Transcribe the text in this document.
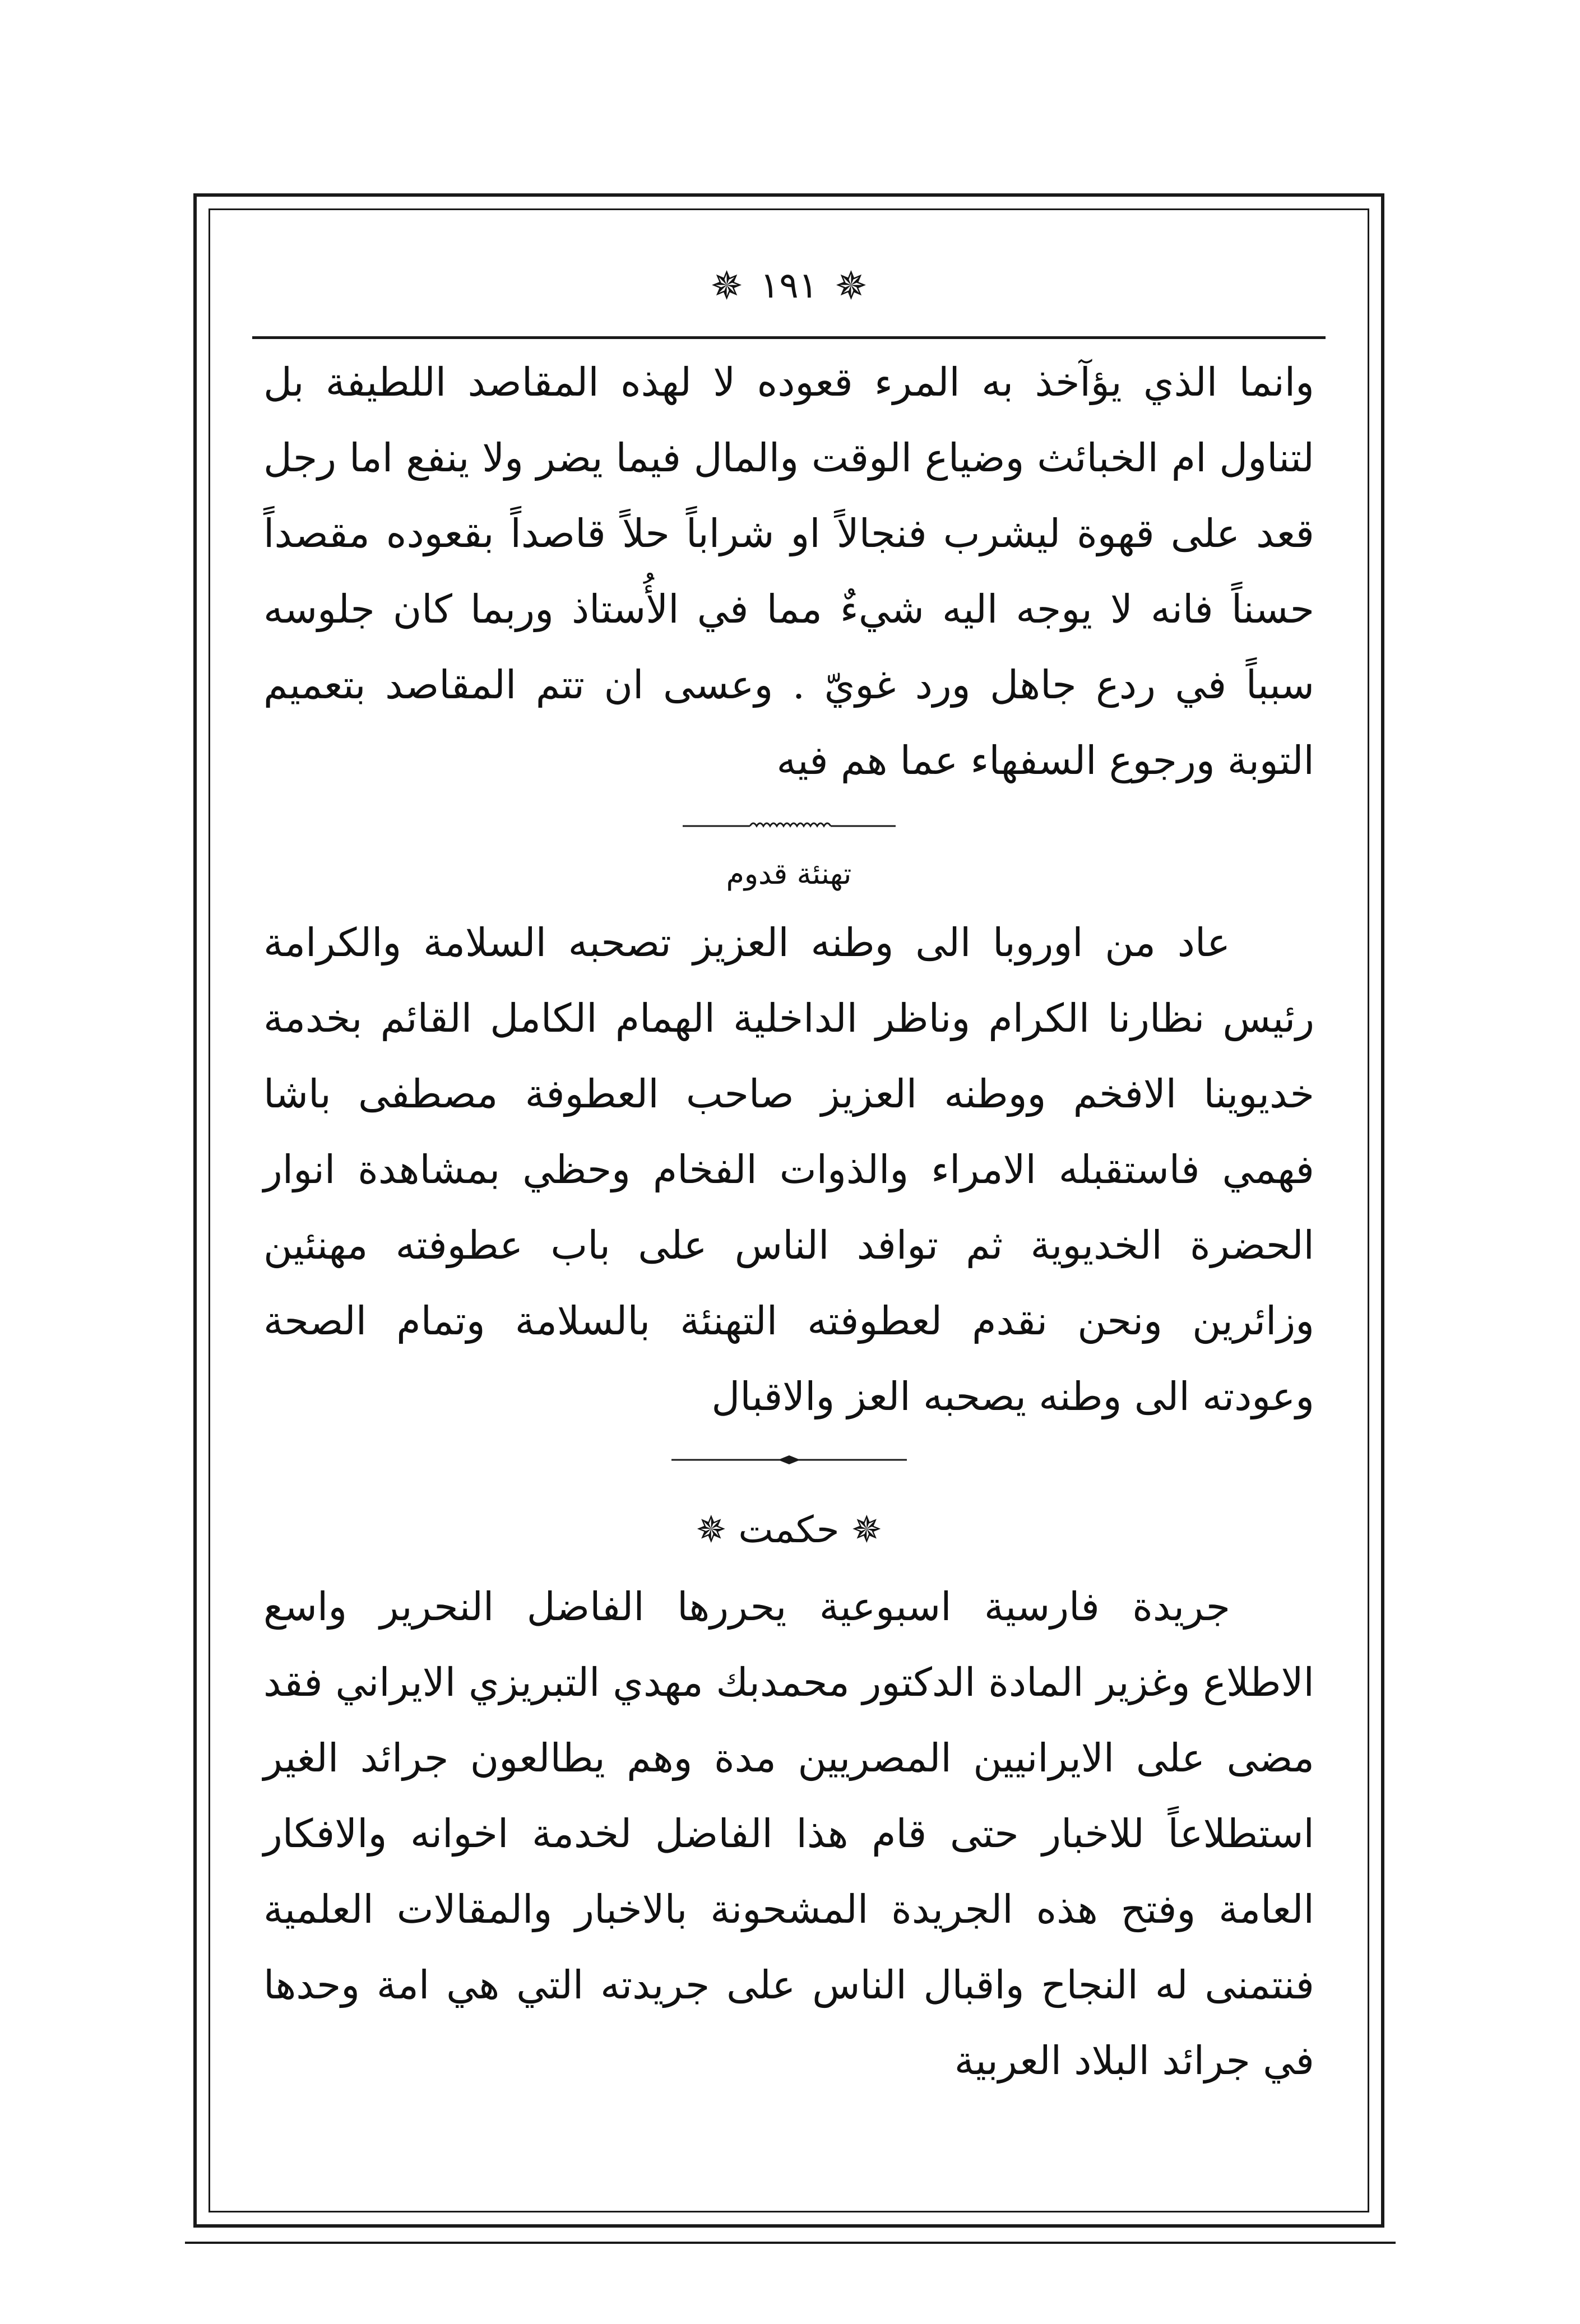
✵
١٩١
✵

وانما الذي يؤآخذ به المرء قعوده لا لهذه المقاصد اللطيفة بل لتناول ام الخبائث وضياع الوقت والمال فيما يضر ولا ينفع اما رجل قعد على قهوة ليشرب فنجالاً او شراباً حلاً قاصداً بقعوده مقصداً حسناً فانه لا يوجه اليه شيءٌ مما في الأُستاذ وربما كان جلوسه سبباً في ردع جاهل ورد غويّ . وعسى ان تتم المقاصد بتعميم التوبة ورجوع السفهاء عما هم فيه

تهنئة قدوم

عاد من اوروبا الى وطنه العزيز تصحبه السلامة والكرامة رئيس نظارنا الكرام وناظر الداخلية الهمام الكامل القائم بخدمة خديوينا الافخم ووطنه العزيز صاحب العطوفة مصطفى باشا فهمي فاستقبله الامراء والذوات الفخام وحظي بمشاهدة انوار الحضرة الخديوية ثم توافد الناس على باب عطوفته مهنئين وزائرين ونحن نقدم لعطوفته التهنئة بالسلامة وتمام الصحة وعودته الى وطنه يصحبه العز والاقبال

✵ حكمت ✵

جريدة فارسية اسبوعية يحررها الفاضل النحرير واسع الاطلاع وغزير المادة الدكتور محمدبك مهدي التبريزي الايراني فقد مضى على الايرانيين المصريين مدة وهم يطالعون جرائد الغير استطلاعاً للاخبار حتى قام هذا الفاضل لخدمة اخوانه والافكار العامة وفتح هذه الجريدة المشحونة بالاخبار والمقالات العلمية فنتمنى له النجاح واقبال الناس على جريدته التي هي امة وحدها في جرائد البلاد العربية
